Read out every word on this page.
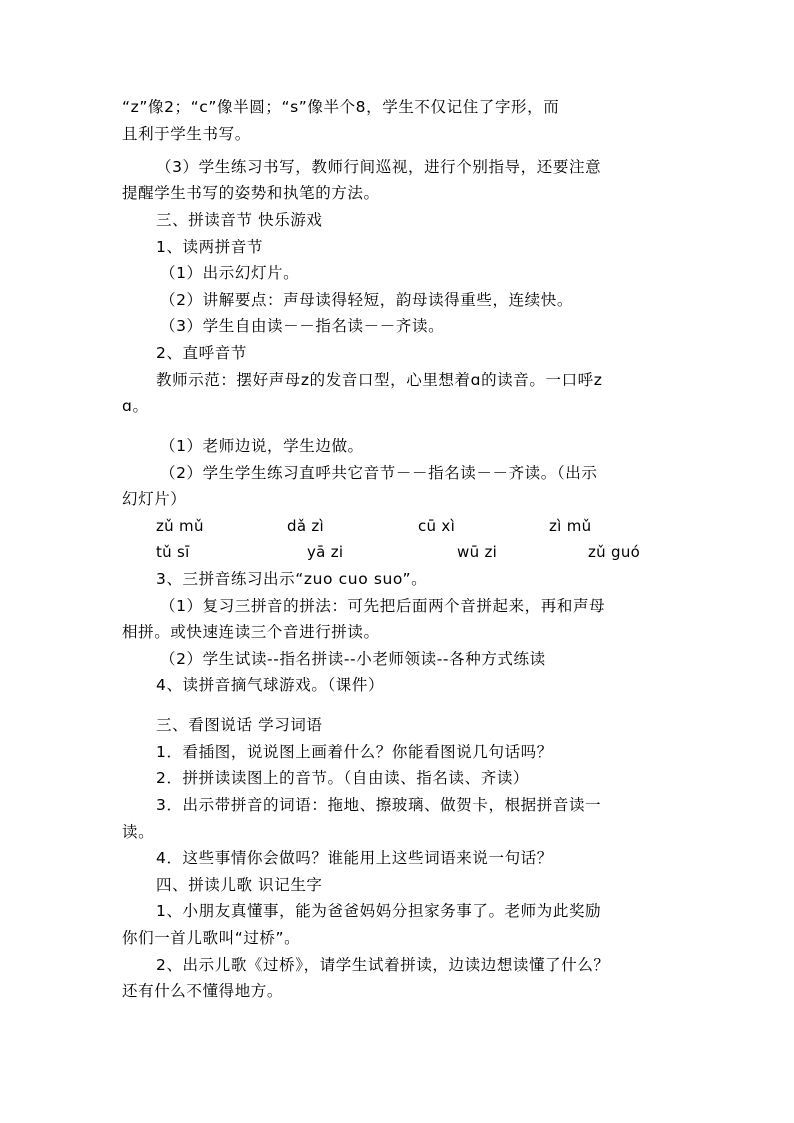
“z”像2；“c”像半圆；“s”像半个8，学生不仅记住了字形，而
且利于学生书写。
（3）学生练习书写，教师行间巡视，进行个别指导，还要注意
提醒学生书写的姿势和执笔的方法。
三、拼读音节 快乐游戏
1、读两拼音节
（1）出示幻灯片。
（2）讲解要点：声母读得轻短，韵母读得重些，连续快。
（3）学生自由读－－指名读－－齐读。
2、直呼音节
教师示范：摆好声母z的发音口型，心里想着ɑ的读音。一口呼z
ɑ。
（1）老师边说，学生边做。
（2）学生学生练习直呼共它音节－－指名读－－齐读。（出示
幻灯片）
zǔ mǔ	dǎ zì	cū xì	zì mǔ
tǔ sī	yā zi	wū zi	zǔ guó
3、三拼音练习出示“zuo cuo suo”。
（1）复习三拼音的拼法：可先把后面两个音拼起来，再和声母
相拼。或快速连读三个音进行拼读。
（2）学生试读--指名拼读--小老师领读--各种方式练读
4、读拼音摘气球游戏。（课件）
三、看图说话 学习词语
1．看插图，说说图上画着什么？你能看图说几句话吗？
2．拼拼读读图上的音节。（自由读、指名读、齐读）
3．出示带拼音的词语：拖地、擦玻璃、做贺卡，根据拼音读一
读。
4．这些事情你会做吗？谁能用上这些词语来说一句话？
四、拼读儿歌 识记生字
1、小朋友真懂事，能为爸爸妈妈分担家务事了。老师为此奖励
你们一首儿歌叫“过桥”。
2、出示儿歌《过桥》，请学生试着拼读，边读边想读懂了什么？
还有什么不懂得地方。
